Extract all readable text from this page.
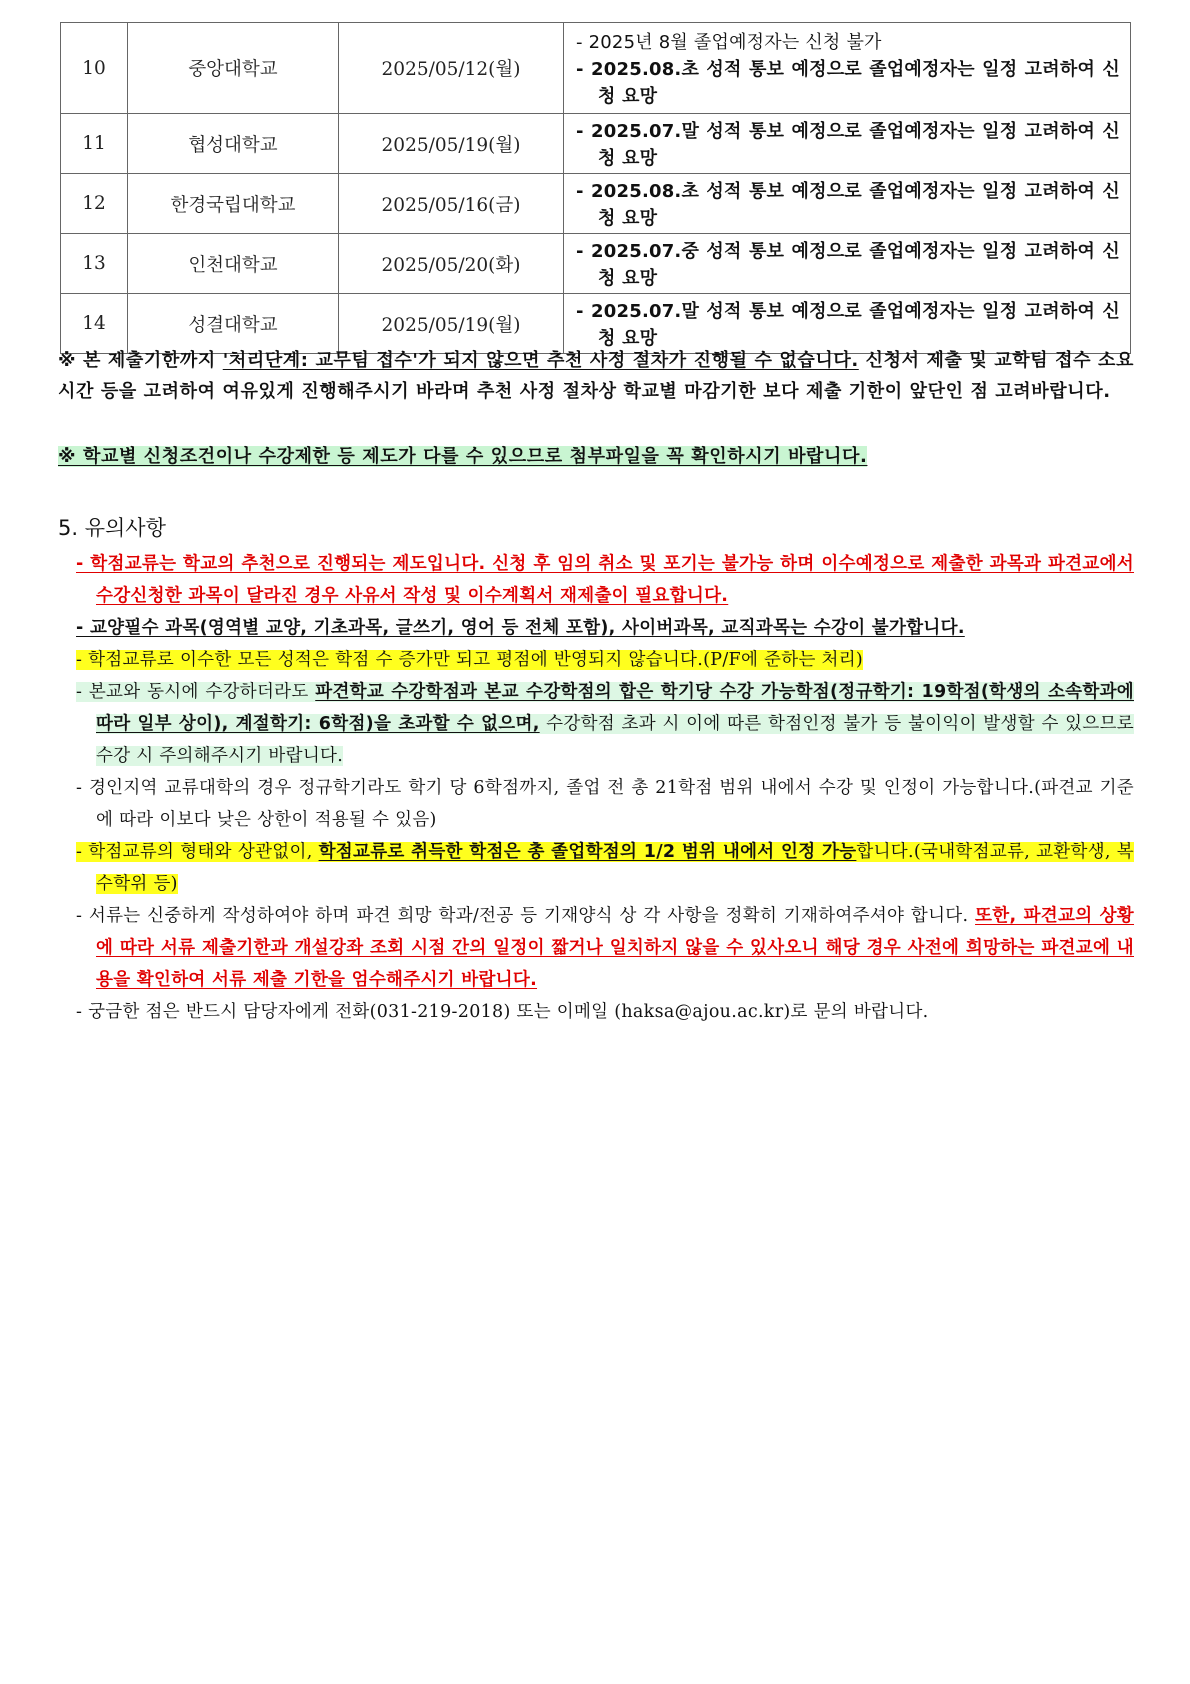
10	중앙대학교	2025/05/12(월)	- 2025년 8월 졸업예정자는 신청 불가
- 2025.08.초 성적 통보 예정으로 졸업예정자는 일정 고려하여 신청 요망

11	협성대학교	2025/05/19(월)	- 2025.07.말 성적 통보 예정으로 졸업예정자는 일정 고려하여 신청 요망

12	한경국립대학교	2025/05/16(금)	- 2025.08.초 성적 통보 예정으로 졸업예정자는 일정 고려하여 신청 요망

13	인천대학교	2025/05/20(화)	- 2025.07.중 성적 통보 예정으로 졸업예정자는 일정 고려하여 신청 요망

14	성결대학교	2025/05/19(월)	- 2025.07.말 성적 통보 예정으로 졸업예정자는 일정 고려하여 신청 요망
※ 본 제출기한까지 '처리단계: 교무팀 접수'가 되지 않으면 추천 사정 절차가 진행될 수 없습니다. 신청서 제출 및 교학팀 접수 소요시간 등을 고려하여 여유있게 진행해주시기 바라며 추천 사정 절차상 학교별 마감기한 보다 제출 기한이 앞단인 점 고려바랍니다.
※ 학교별 신청조건이나 수강제한 등 제도가 다를 수 있으므로 첨부파일을 꼭 확인하시기 바랍니다.
5. 유의사항
- 학점교류는 학교의 추천으로 진행되는 제도입니다. 신청 후 임의 취소 및 포기는 불가능 하며 이수예정으로 제출한 과목과 파견교에서 수강신청한 과목이 달라진 경우 사유서 작성 및 이수계획서 재제출이 필요합니다.
- 교양필수 과목(영역별 교양, 기초과목, 글쓰기, 영어 등 전체 포함), 사이버과목, 교직과목는 수강이 불가합니다.
- 학점교류로 이수한 모든 성적은 학점 수 증가만 되고 평점에 반영되지 않습니다.(P/F에 준하는 처리)
- 본교와 동시에 수강하더라도 파견학교 수강학점과 본교 수강학점의 합은 학기당 수강 가능학점(정규학기: 19학점(학생의 소속학과에 따라 일부 상이), 계절학기: 6학점)을 초과할 수 없으며, 수강학점 초과 시 이에 따른 학점인정 불가 등 불이익이 발생할 수 있으므로 수강 시 주의해주시기 바랍니다.
- 경인지역 교류대학의 경우 정규학기라도 학기 당 6학점까지, 졸업 전 총 21학점 범위 내에서 수강 및 인정이 가능합니다.(파견교 기준에 따라 이보다 낮은 상한이 적용될 수 있음)
- 학점교류의 형태와 상관없이, 학점교류로 취득한 학점은 총 졸업학점의 1/2 범위 내에서 인정 가능합니다.(국내학점교류, 교환학생, 복수학위 등)
- 서류는 신중하게 작성하여야 하며 파견 희망 학과/전공 등 기재양식 상 각 사항을 정확히 기재하여주셔야 합니다. 또한, 파견교의 상황에 따라 서류 제출기한과 개설강좌 조회 시점 간의 일정이 짧거나 일치하지 않을 수 있사오니 해당 경우 사전에 희망하는 파견교에 내용을 확인하여 서류 제출 기한을 엄수해주시기 바랍니다.
- 궁금한 점은 반드시 담당자에게 전화(031-219-2018) 또는 이메일 (haksa@ajou.ac.kr)로 문의 바랍니다.
